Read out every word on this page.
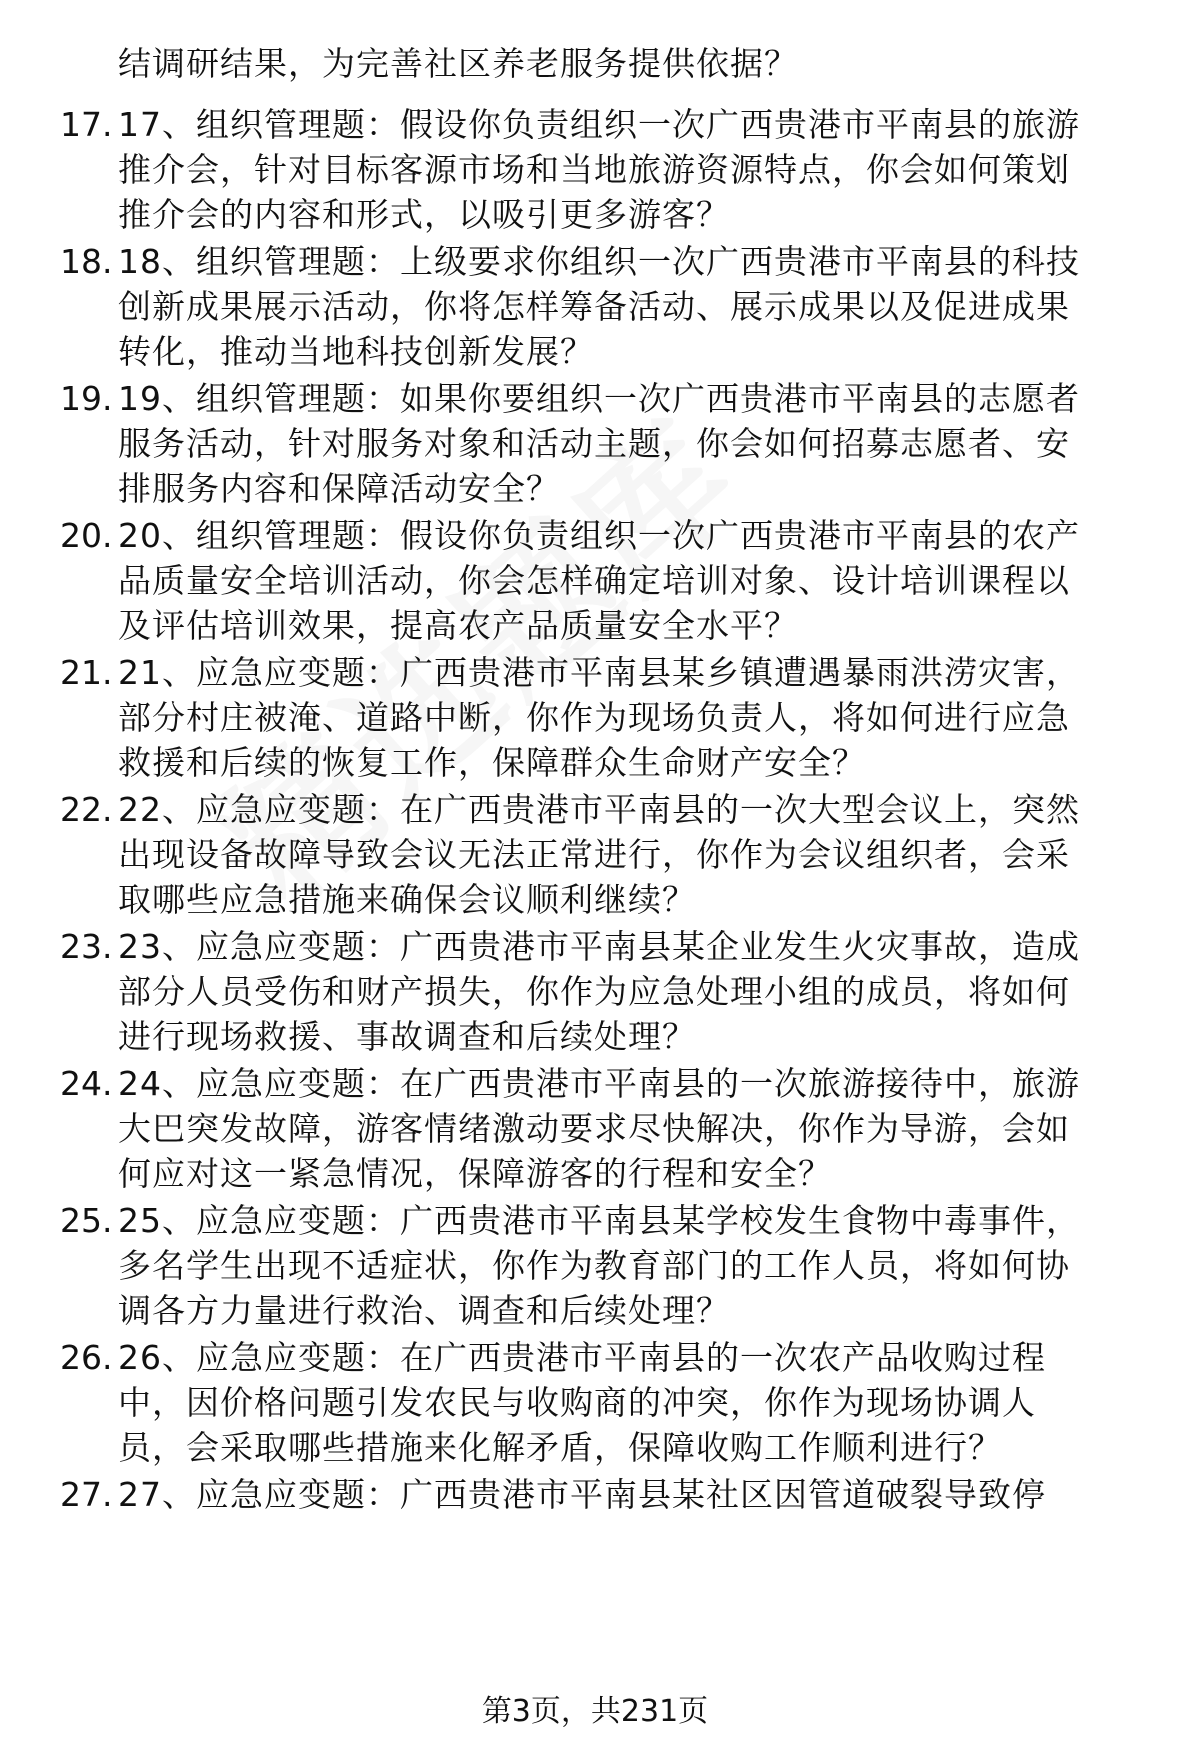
结调研结果，为完善社区养老服务提供依据？
17. 17、组织管理题：假设你负责组织一次广西贵港市平南县的旅游
推介会，针对目标客源市场和当地旅游资源特点，你会如何策划
推介会的内容和形式，以吸引更多游客？
18. 18、组织管理题：上级要求你组织一次广西贵港市平南县的科技
创新成果展示活动，你将怎样筹备活动、展示成果以及促进成果
转化，推动当地科技创新发展？
19. 19、组织管理题：如果你要组织一次广西贵港市平南县的志愿者
服务活动，针对服务对象和活动主题，你会如何招募志愿者、安
排服务内容和保障活动安全？
20. 20、组织管理题：假设你负责组织一次广西贵港市平南县的农产
品质量安全培训活动，你会怎样确定培训对象、设计培训课程以
及评估培训效果，提高农产品质量安全水平？
21. 21、应急应变题：广西贵港市平南县某乡镇遭遇暴雨洪涝灾害，
部分村庄被淹、道路中断，你作为现场负责人，将如何进行应急
救援和后续的恢复工作，保障群众生命财产安全？
22. 22、应急应变题：在广西贵港市平南县的一次大型会议上，突然
出现设备故障导致会议无法正常进行，你作为会议组织者，会采
取哪些应急措施来确保会议顺利继续？
23. 23、应急应变题：广西贵港市平南县某企业发生火灾事故，造成
部分人员受伤和财产损失，你作为应急处理小组的成员，将如何
进行现场救援、事故调查和后续处理？
24. 24、应急应变题：在广西贵港市平南县的一次旅游接待中，旅游
大巴突发故障，游客情绪激动要求尽快解决，你作为导游，会如
何应对这一紧急情况，保障游客的行程和安全？
25. 25、应急应变题：广西贵港市平南县某学校发生食物中毒事件，
多名学生出现不适症状，你作为教育部门的工作人员，将如何协
调各方力量进行救治、调查和后续处理？
26. 26、应急应变题：在广西贵港市平南县的一次农产品收购过程
中，因价格问题引发农民与收购商的冲突，你作为现场协调人
员，会采取哪些措施来化解矛盾，保障收购工作顺利进行？
27. 27、应急应变题：广西贵港市平南县某社区因管道破裂导致停
第3页，共231页
